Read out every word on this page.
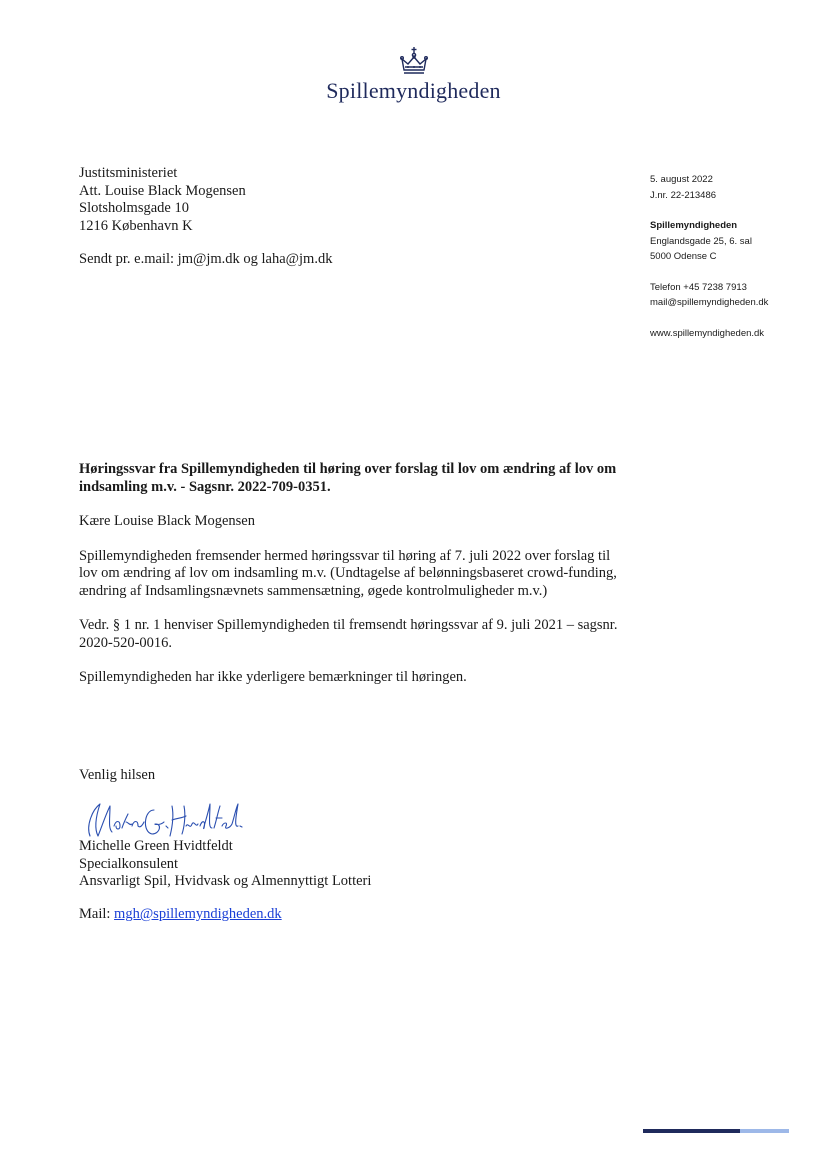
Spillemyndigheden
Justitsministeriet
Att. Louise Black Mogensen
Slotsholmsgade 10
1216 København K
Sendt pr. e.mail: jm@jm.dk og laha@jm.dk
5. august 2022
J.nr. 22-213486
Spillemyndigheden
Englandsgade 25, 6. sal
5000 Odense C
Telefon +45 7238 7913
mail@spillemyndigheden.dk
www.spillemyndigheden.dk

Høringssvar fra Spillemyndigheden til høring over forslag til lov om ændring af lov om indsamling m.v. - Sagsnr. 2022-709-0351.

Kære Louise Black Mogensen

Spillemyndigheden fremsender hermed høringssvar til høring af 7. juli 2022 over forslag til lov om ændring af lov om indsamling m.v. (Undtagelse af belønningsbaseret crowd-funding, ændring af Indsamlingsnævnets sammensætning, øgede kontrolmuligheder m.v.)

Vedr. § 1 nr. 1 henviser Spillemyndigheden til fremsendt høringssvar af 9. juli 2021 – sagsnr. 2020-520-0016.

Spillemyndigheden har ikke yderligere bemærkninger til høringen.

Venlig hilsen
Michelle Green Hvidtfeldt
Specialkonsulent
Ansvarligt Spil, Hvidvask og Almennyttigt Lotteri
Mail: mgh@spillemyndigheden.dk
